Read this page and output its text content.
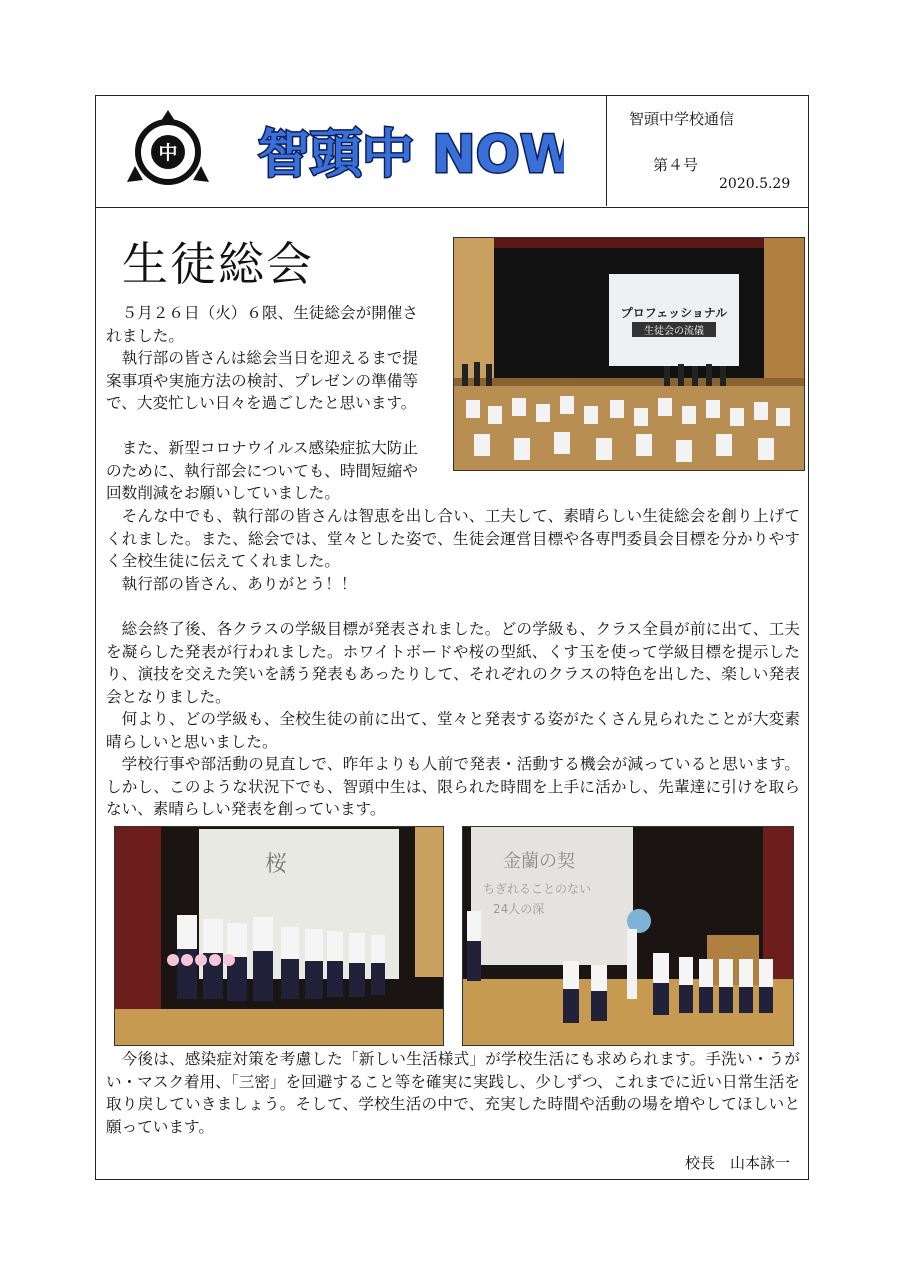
中 智頭中 NOW
智頭中学校通信
第４号
2020.5.29
生徒総会
プロフェッショナル
生徒会の流儀
５月２６日（火）６限、生徒総会が開催されました。
執行部の皆さんは総会当日を迎えるまで提案事項や実施方法の検討、プレゼンの準備等で、大変忙しい日々を過ごしたと思います。
また、新型コロナウイルス感染症拡大防止のために、執行部会についても、時間短縮や回数削減をお願いしていました。
そんな中でも、執行部の皆さんは智恵を出し合い、工夫して、素晴らしい生徒総会を創り上げてくれました。また、総会では、堂々とした姿で、生徒会運営目標や各専門委員会目標を分かりやすく全校生徒に伝えてくれました。
執行部の皆さん、ありがとう！！
総会終了後、各クラスの学級目標が発表されました。どの学級も、クラス全員が前に出て、工夫を凝らした発表が行われました。ホワイトボードや桜の型紙、くす玉を使って学級目標を提示したり、演技を交えた笑いを誘う発表もあったりして、それぞれのクラスの特色を出した、楽しい発表会となりました。
何より、どの学級も、全校生徒の前に出て、堂々と発表する姿がたくさん見られたことが大変素晴らしいと思いました。
学校行事や部活動の見直しで、昨年よりも人前で発表・活動する機会が減っていると思います。しかし、このような状況下でも、智頭中生は、限られた時間を上手に活かし、先輩達に引けを取らない、素晴らしい発表を創っています。
桜	金蘭の契
ちぎれることのない
24人の深
今後は、感染症対策を考慮した「新しい生活様式」が学校生活にも求められます。手洗い・うがい・マスク着用、「三密」を回避すること等を確実に実践し、少しずつ、これまでに近い日常生活を取り戻していきましょう。そして、学校生活の中で、充実した時間や活動の場を増やしてほしいと願っています。
校長　山本詠一
